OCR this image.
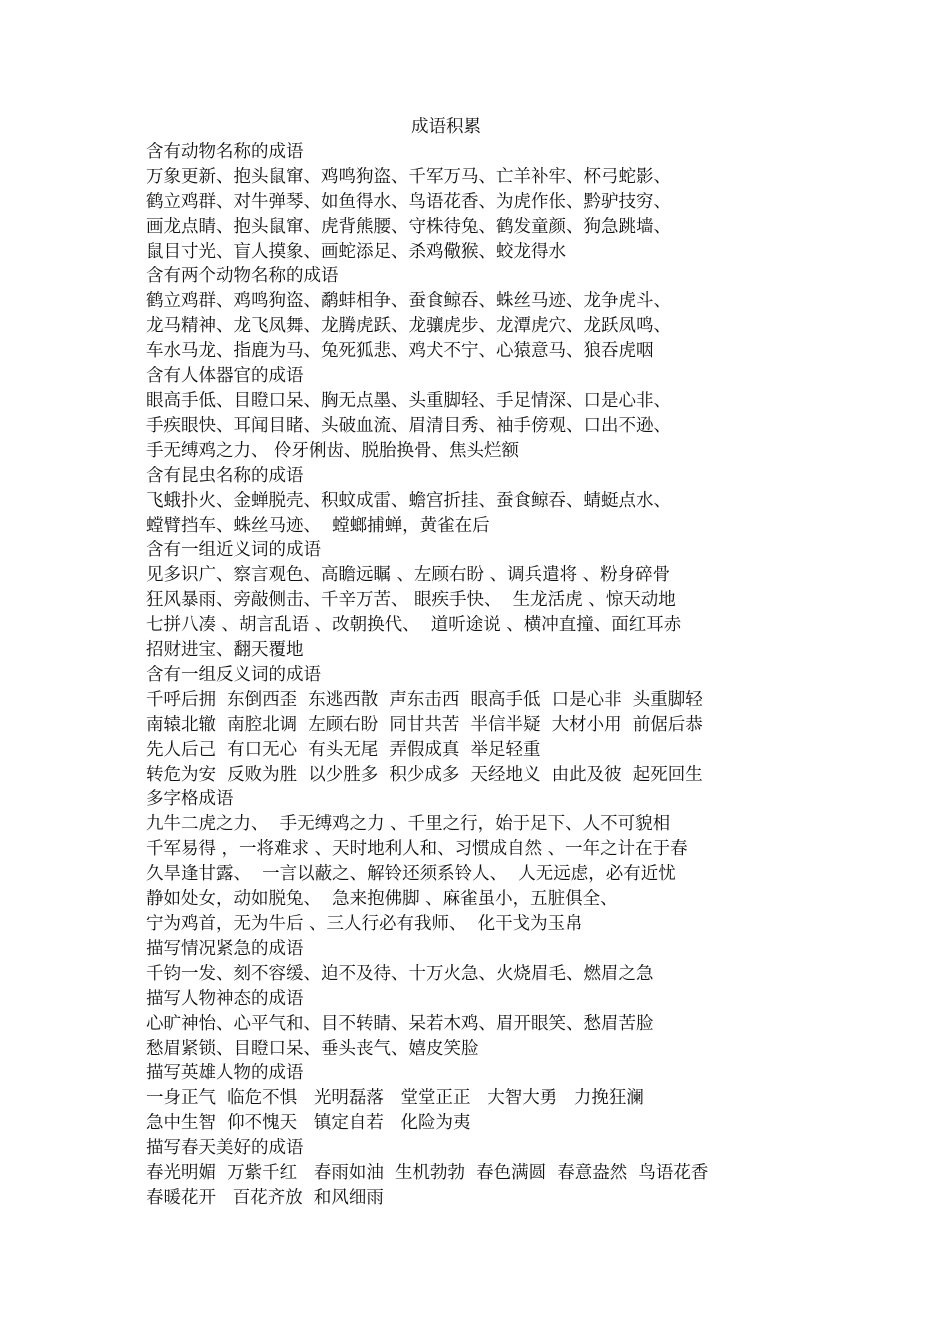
成语积累
含有动物名称的成语
万象更新、抱头鼠窜、鸡鸣狗盗、千军万马、亡羊补牢、杯弓蛇影、
鹤立鸡群、对牛弹琴、如鱼得水、鸟语花香、为虎作伥、黔驴技穷、
画龙点睛、抱头鼠窜、虎背熊腰、守株待兔、鹤发童颜、狗急跳墙、
鼠目寸光、盲人摸象、画蛇添足、杀鸡儆猴、蛟龙得水
含有两个动物名称的成语
鹤立鸡群、鸡鸣狗盗、鹬蚌相争、蚕食鲸吞、蛛丝马迹、龙争虎斗、
龙马精神、龙飞凤舞、龙腾虎跃、龙骧虎步、龙潭虎穴、龙跃凤鸣、
车水马龙、指鹿为马、兔死狐悲、鸡犬不宁、心猿意马、狼吞虎咽
含有人体器官的成语
眼高手低、目瞪口呆、胸无点墨、头重脚轻、手足情深、口是心非、
手疾眼快、耳闻目睹、头破血流、眉清目秀、袖手傍观、口出不逊、
手无缚鸡之力、 伶牙俐齿、脱胎换骨、焦头烂额
含有昆虫名称的成语
飞蛾扑火、金蝉脱壳、积蚊成雷、蟾宫折挂、蚕食鲸吞、蜻蜓点水、
螳臂挡车、蛛丝马迹、  螳螂捕蝉，黄雀在后
含有一组近义词的成语
见多识广、察言观色、高瞻远瞩 、左顾右盼 、调兵遣将 、粉身碎骨
狂风暴雨、旁敲侧击、千辛万苦、 眼疾手快、  生龙活虎 、惊天动地
七拼八凑 、胡言乱语 、改朝换代、  道听途说 、横冲直撞、面红耳赤
招财进宝、翻天覆地
含有一组反义词的成语
千呼后拥  东倒西歪  东逃西散  声东击西  眼高手低  口是心非  头重脚轻
南辕北辙  南腔北调  左顾右盼  同甘共苦  半信半疑  大材小用  前倨后恭
先人后己  有口无心  有头无尾  弄假成真  举足轻重
转危为安  反败为胜  以少胜多  积少成多  天经地义  由此及彼  起死回生
多字格成语
九牛二虎之力、  手无缚鸡之力 、千里之行，始于足下、人不可貌相
千军易得 ，一将难求 、天时地利人和、习惯成自然 、一年之计在于春
久旱逢甘露、  一言以蔽之、解铃还须系铃人、  人无远虑，必有近忧
静如处女，动如脱兔、  急来抱佛脚 、麻雀虽小，五脏俱全、
宁为鸡首，无为牛后 、三人行必有我师、  化干戈为玉帛
描写情况紧急的成语
千钧一发、刻不容缓、迫不及待、十万火急、火烧眉毛、燃眉之急
描写人物神态的成语
心旷神怡、心平气和、目不转睛、呆若木鸡、眉开眼笑、愁眉苦脸
愁眉紧锁、目瞪口呆、垂头丧气、嬉皮笑脸
描写英雄人物的成语
一身正气  临危不惧   光明磊落   堂堂正正   大智大勇   力挽狂澜
急中生智  仰不愧天   镇定自若   化险为夷
描写春天美好的成语
春光明媚  万紫千红   春雨如油  生机勃勃  春色满圆  春意盎然  鸟语花香
春暖花开   百花齐放  和风细雨
